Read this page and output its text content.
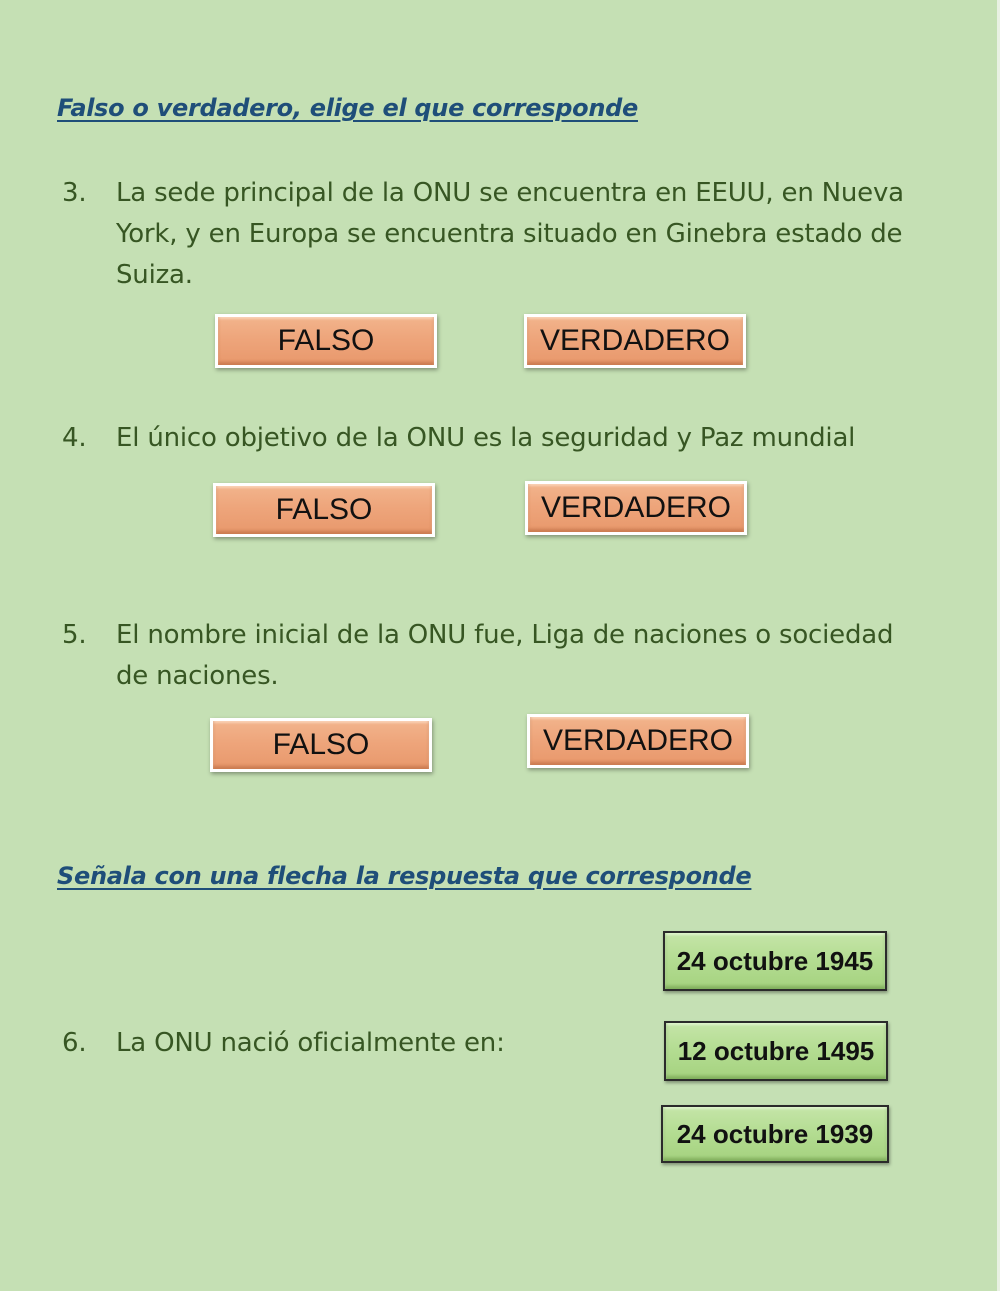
Falso o verdadero, elige el que corresponde
3.	La sede principal de la ONU se encuentra en EEUU, en Nueva York, y en Europa se encuentra situado en Ginebra estado de Suiza.
FALSO	VERDADERO
4.	El único objetivo de la ONU es la seguridad y Paz mundial
FALSO	VERDADERO
5.	El nombre inicial de la ONU fue, Liga de naciones o sociedad de naciones.
FALSO	VERDADERO
Señala con una flecha la respuesta que corresponde
6.	La ONU nació oficialmente en:
24 octubre 1945
12 octubre 1495
24 octubre 1939
